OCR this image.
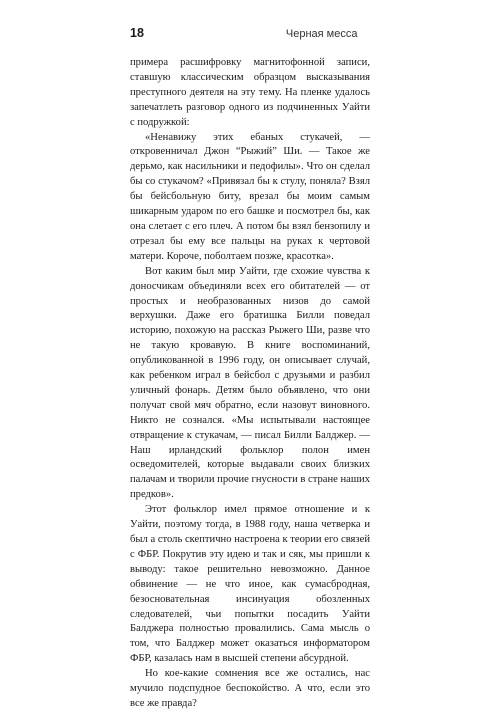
18	Черная месса

примера расшифровку магнитофонной записи, ставшую классическим образцом высказывания преступного деятеля на эту тему. На пленке удалось запечатлеть разговор одного из подчиненных Уайти с подружкой:

«Ненавижу этих ебаных стукачей, — откровенничал Джон “Рыжий” Ши. — Такое же дерьмо, как насильники и педофилы». Что он сделал бы со стукачом? «Привязал бы к стулу, поняла? Взял бы бейсбольную биту, врезал бы моим самым шикарным ударом по его башке и посмотрел бы, как она слетает с его плеч. А потом бы взял бензопилу и отрезал бы ему все пальцы на руках к чертовой матери. Короче, поболтаем позже, красотка».

Вот каким был мир Уайти, где схожие чувства к доносчикам объединяли всех его обитателей — от простых и необразованных низов до самой верхушки. Даже его братишка Билли поведал историю, похожую на рассказ Рыжего Ши, разве что не такую кровавую. В книге воспоминаний, опубликованной в 1996 году, он описывает случай, как ребенком играл в бейсбол с друзьями и разбил уличный фонарь. Детям было объявлено, что они получат свой мяч обратно, если назовут виновного. Никто не сознался. «Мы испытывали настоящее отвращение к стукачам, — писал Билли Балджер. — Наш ирландский фольклор полон имен осведомителей, которые выдавали своих близких палачам и творили прочие гнусности в стране наших предков».

Этот фольклор имел прямое отношение и к Уайти, поэтому тогда, в 1988 году, наша четверка и был а столь скептично настроена к теории его связей с ФБР. Покрутив эту идею и так и сяк, мы пришли к выводу: такое решительно невозможно. Данное обвинение — не что иное, как сумасбродная, безосновательная инсинуация обозленных следователей, чьи попытки посадить Уайти Балджера полностью провалились. Сама мысль о том, что Балджер может оказаться информатором ФБР, казалась нам в высшей степени абсурдной.

Но кое-какие сомнения все же остались, нас мучило подспудное беспокойство. А что, если это все же правда?
